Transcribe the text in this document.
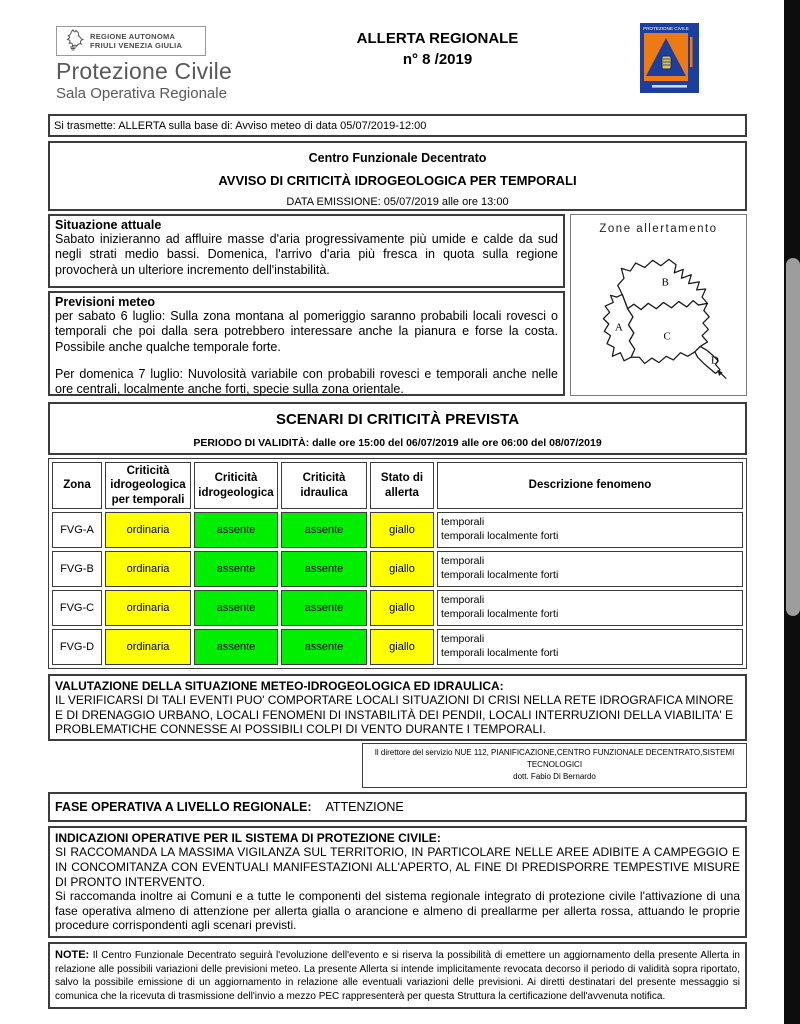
REGIONE AUTONOMA
FRIULI VENEZIA GIULIA
Protezione Civile
Sala Operativa Regionale
ALLERTA REGIONALE
n° 8 /2019
PROTEZIONE CIVILE
Si trasmette: ALLERTA sulla base di: Avviso meteo di data 05/07/2019-12:00
Centro Funzionale Decentrato
AVVISO DI CRITICITÀ IDROGEOLOGICA PER TEMPORALI
DATA EMISSIONE: 05/07/2019 alle ore 13:00
Situazione attuale
Sabato inizieranno ad affluire masse d'aria progressivamente più umide e calde da sud negli strati medio bassi. Domenica, l'arrivo d'aria più fresca in quota sulla regione provocherà un ulteriore incremento dell'instabilità.
Previsioni meteo
per sabato 6 luglio: Sulla zona montana al pomeriggio saranno probabili locali rovesci o temporali che poi dalla sera potrebbero interessare anche la pianura e forse la costa. Possibile anche qualche temporale forte.
Per domenica 7 luglio: Nuvolosità variabile con probabili rovesci e temporali anche nelle ore centrali, localmente anche forti, specie sulla zona orientale.
Zone allertamento
A
B
C
D
SCENARI DI CRITICITÀ PREVISTA
PERIODO DI VALIDITÀ: dalle ore 15:00 del 06/07/2019 alle ore 06:00 del 08/07/2019
Zona	Criticità idrogeologica per temporali	Criticità idrogeologica	Criticità idraulica	Stato di allerta	Descrizione fenomeno
FVG-A	ordinaria	assente	assente	giallo	temporali
temporali localmente forti

FVG-B	ordinaria	assente	assente	giallo	temporali
temporali localmente forti

FVG-C	ordinaria	assente	assente	giallo	temporali
temporali localmente forti

FVG-D	ordinaria	assente	assente	giallo	temporali
temporali localmente forti
VALUTAZIONE DELLA SITUAZIONE METEO-IDROGEOLOGICA ED IDRAULICA:
IL VERIFICARSI DI TALI EVENTI PUO' COMPORTARE LOCALI SITUAZIONI DI CRISI NELLA RETE IDROGRAFICA MINORE E DI DRENAGGIO URBANO, LOCALI FENOMENI DI INSTABILITÀ DEI PENDII, LOCALI INTERRUZIONI DELLA VIABILITA' E PROBLEMATICHE CONNESSE AI POSSIBILI COLPI DI VENTO DURANTE I TEMPORALI.
Il direttore del servizio NUE 112, PIANIFICAZIONE,CENTRO FUNZIONALE DECENTRATO,SISTEMI TECNOLOGICI
dott. Fabio Di Bernardo
FASE OPERATIVA A LIVELLO REGIONALE: ATTENZIONE
INDICAZIONI OPERATIVE PER IL SISTEMA DI PROTEZIONE CIVILE:
SI RACCOMANDA LA MASSIMA VIGILANZA SUL TERRITORIO, IN PARTICOLARE NELLE AREE ADIBITE A CAMPEGGIO E IN CONCOMITANZA CON EVENTUALI MANIFESTAZIONI ALL'APERTO, AL FINE DI PREDISPORRE TEMPESTIVE MISURE DI PRONTO INTERVENTO.
Si raccomanda inoltre ai Comuni e a tutte le componenti del sistema regionale integrato di protezione civile l'attivazione di una fase operativa almeno di attenzione per allerta gialla o arancione e almeno di preallarme per allerta rossa, attuando le proprie procedure corrispondenti agli scenari previsti.
NOTE: Il Centro Funzionale Decentrato seguirà l'evoluzione dell'evento e si riserva la possibilità di emettere un aggiornamento della presente Allerta in relazione alle possibili variazioni delle previsioni meteo. La presente Allerta si intende implicitamente revocata decorso il periodo di validità sopra riportato, salvo la possibile emissione di un aggiornamento in relazione alle eventuali variazioni delle previsioni. Ai diretti destinatari del presente messaggio si comunica che la ricevuta di trasmissione dell'invio a mezzo PEC rappresenterà per questa Struttura la certificazione dell'avvenuta notifica.
